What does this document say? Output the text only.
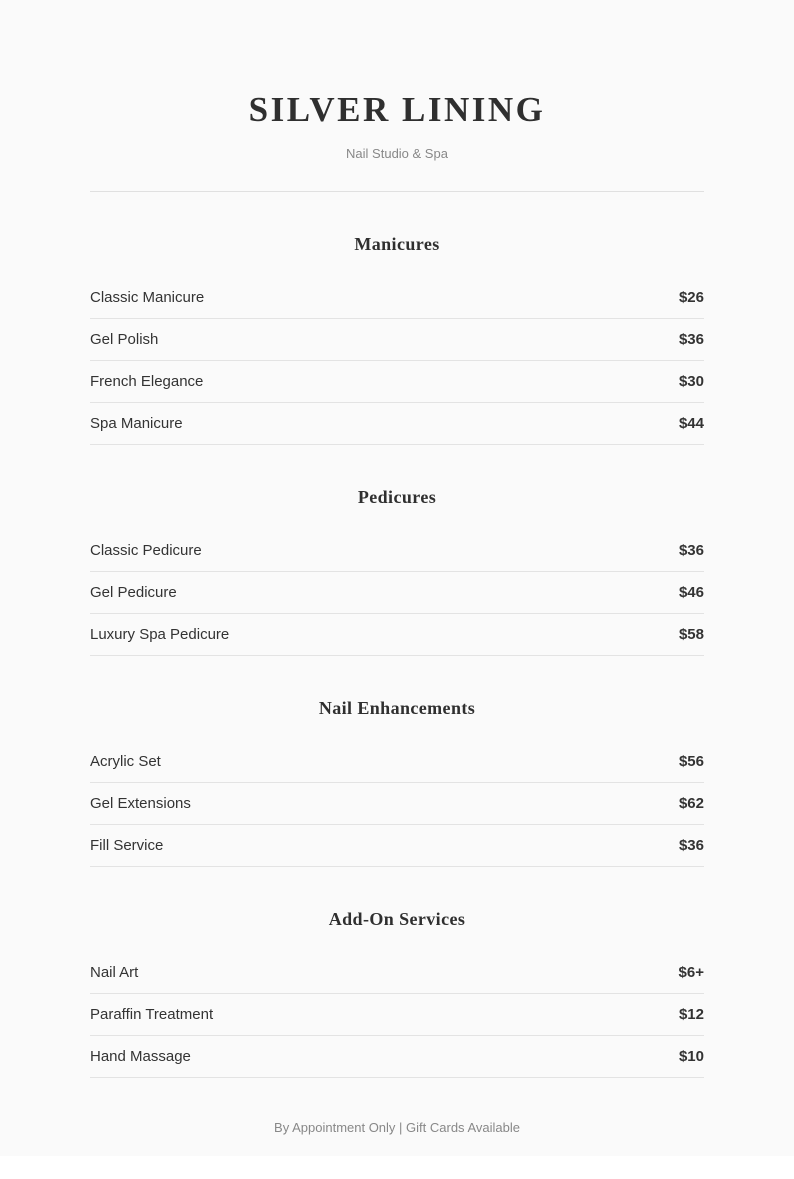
SILVER LINING

Nail Studio & Spa

Manicures
Classic Manicure	$26
Gel Polish	$36
French Elegance	$30
Spa Manicure	$44
Pedicures
Classic Pedicure	$36
Gel Pedicure	$46
Luxury Spa Pedicure	$58
Nail Enhancements
Acrylic Set	$56
Gel Extensions	$62
Fill Service	$36
Add-On Services
Nail Art	$6+
Paraffin Treatment	$12
Hand Massage	$10

By Appointment Only | Gift Cards Available
